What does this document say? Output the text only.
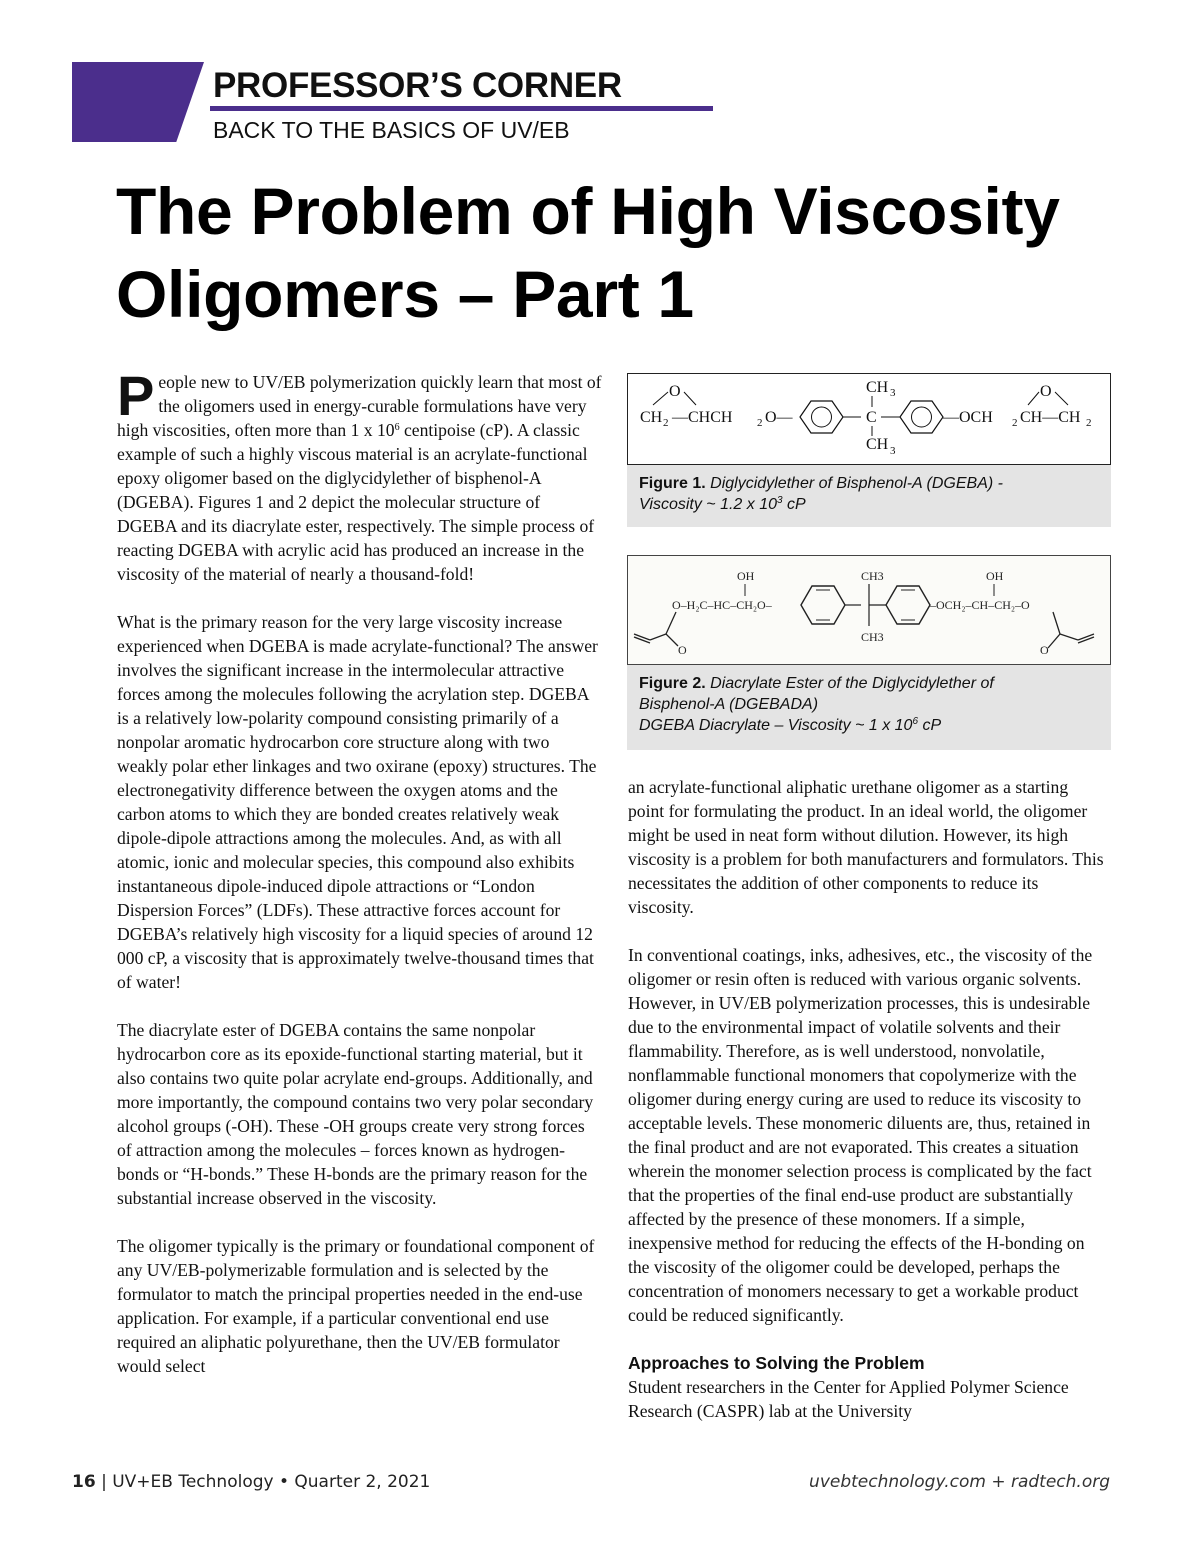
PROFESSOR’S CORNER
BACK TO THE BASICS OF UV/EB
The Problem of High Viscosity
Oligomers – Part 1

People new to UV/EB polymerization quickly learn that most of the oligomers used in energy-curable formulations have very high viscosities, often more than 1 x $10^6$ centipoise (cP). A classic example of such a highly viscous material is an acrylate-functional epoxy oligomer based on the diglycidylether of bisphenol-A (DGEBA). Figures 1 and 2 depict the molecular structure of DGEBA and its diacrylate ester, respectively. The simple process of reacting DGEBA with acrylic acid has produced an increase in the viscosity of the material of nearly a thousand-fold!

What is the primary reason for the very large viscosity increase experienced when DGEBA is made acrylate-functional? The answer involves the significant increase in the intermolecular attractive forces among the molecules following the acrylation step. DGEBA is a relatively low-polarity compound consisting primarily of a nonpolar aromatic hydrocarbon core structure along with two weakly polar ether linkages and two oxirane (epoxy) structures. The electronegativity difference between the oxygen atoms and the carbon atoms to which they are bonded creates relatively weak dipole-dipole attractions among the molecules. And, as with all atomic, ionic and molecular species, this compound also exhibits instantaneous dipole-induced dipole attractions or “London Dispersion Forces” (LDFs). These attractive forces account for DGEBA’s relatively high viscosity for a liquid species of around 12 000 cP, a viscosity that is approximately twelve-thousand times that of water!

The diacrylate ester of DGEBA contains the same nonpolar hydrocarbon core as its epoxide-functional starting material, but it also contains two quite polar acrylate end-groups. Additionally, and more importantly, the compound contains two very polar secondary alcohol groups (-OH). These -OH groups create very strong forces of attraction among the molecules – forces known as hydrogen-bonds or “H-bonds.” These H-bonds are the primary reason for the substantial increase observed in the viscosity.

The oligomer typically is the primary or foundational component of any UV/EB-polymerizable formulation and is selected by the formulator to match the principal properties needed in the end-use application. For example, if a particular conventional end use required an aliphatic polyurethane, then the UV/EB formulator would select

O
CH 2 —CHCH 2 O—
CH 3
C
CH 3
—OCH 2 CH—CH 2
O
Figure 1. Diglycidylether of Bisphenol-A (DGEBA) -
Viscosity ~ 1.2 x $10^3$ cP
OH
O–H₂C–HC–CH₂O–
O
CH3
CH3
–OCH₂–CH–CH₂–O
OH
O
Figure 2. Diacrylate Ester of the Diglycidylether of
Bisphenol-A (DGEBADA)
DGEBA Diacrylate – Viscosity ~ 1 x $10^6$ cP

an acrylate-functional aliphatic urethane oligomer as a starting point for formulating the product. In an ideal world, the oligomer might be used in neat form without dilution. However, its high viscosity is a problem for both manufacturers and formulators. This necessitates the addition of other components to reduce its viscosity.

In conventional coatings, inks, adhesives, etc., the viscosity of the oligomer or resin often is reduced with various organic solvents. However, in UV/EB polymerization processes, this is undesirable due to the environmental impact of volatile solvents and their flammability. Therefore, as is well understood, nonvolatile, nonflammable functional monomers that copolymerize with the oligomer during energy curing are used to reduce its viscosity to acceptable levels. These monomeric diluents are, thus, retained in the final product and are not evaporated. This creates a situation wherein the monomer selection process is complicated by the fact that the properties of the final end-use product are substantially affected by the presence of these monomers. If a simple, inexpensive method for reducing the effects of the H-bonding on the viscosity of the oligomer could be developed, perhaps the concentration of monomers necessary to get a workable product could be reduced significantly.

Approaches to Solving the Problem

Student researchers in the Center for Applied Polymer Science Research (CASPR) lab at the University

16 | UV+EB Technology • Quarter 2, 2021	uvebtechnology.com + radtech.org
